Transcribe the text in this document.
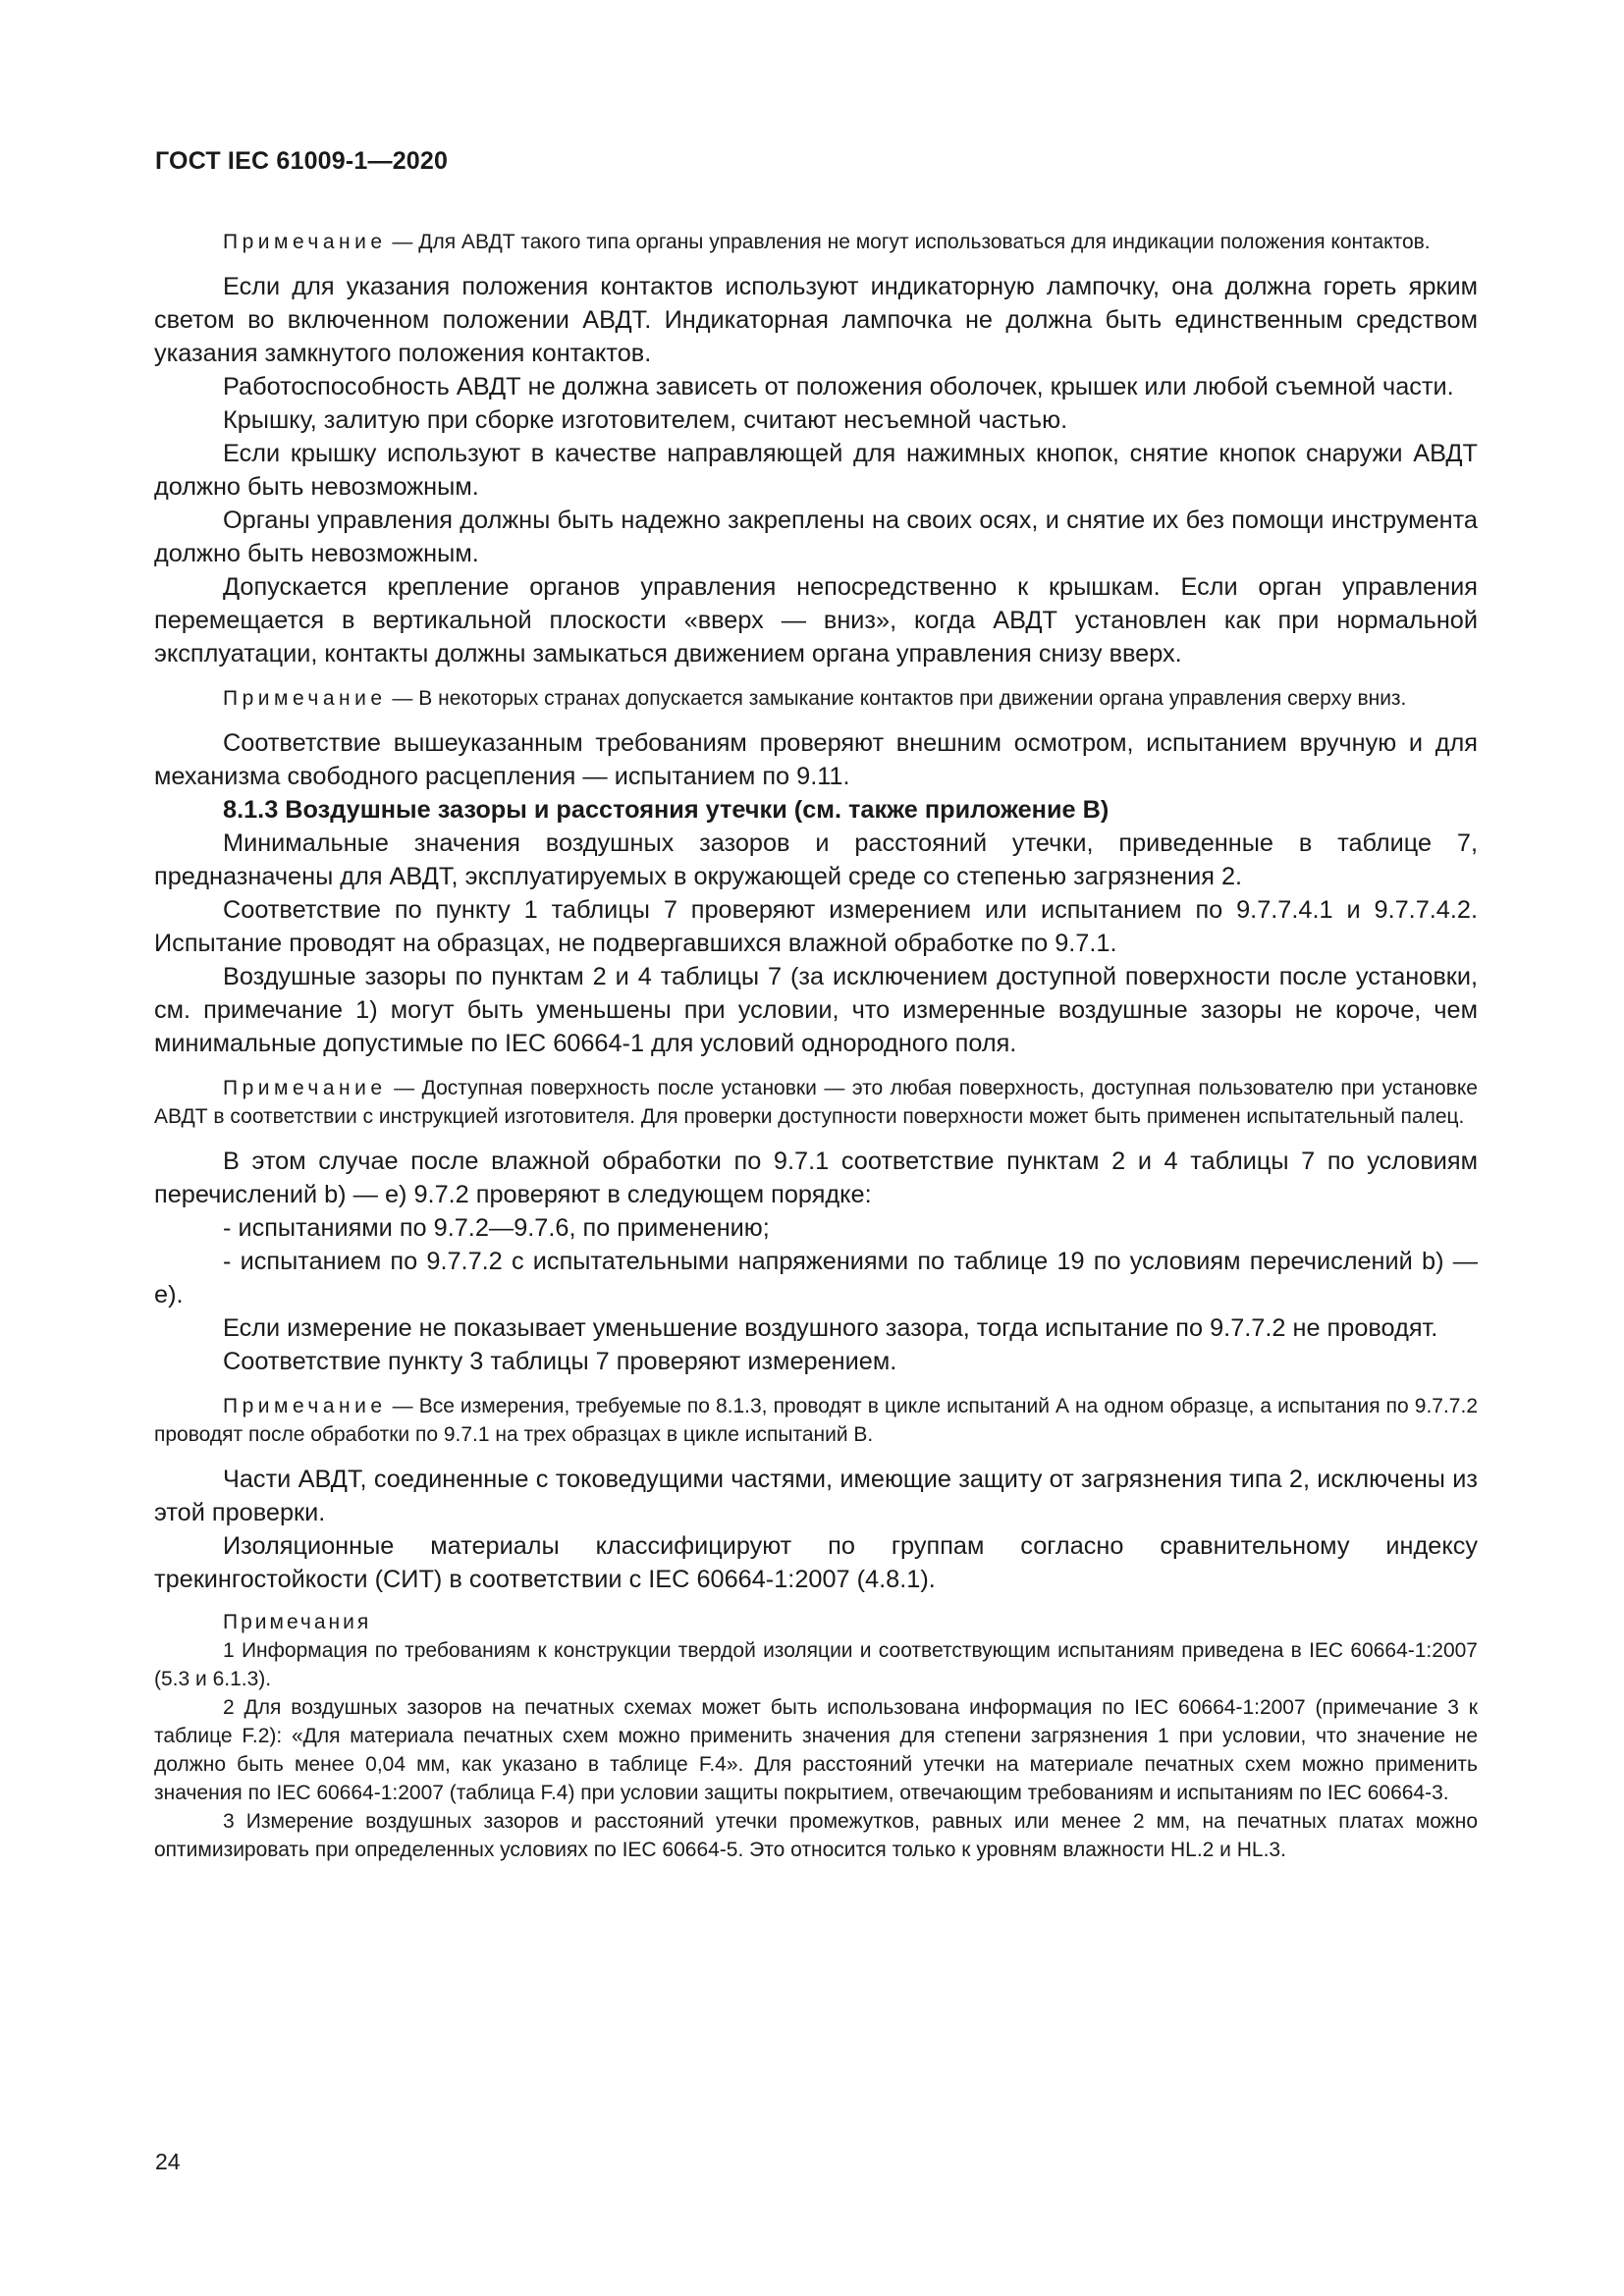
ГОСТ IEC 61009-1—2020

Примечание — Для АВДТ такого типа органы управления не могут использоваться для индикации положения контактов.

Если для указания положения контактов используют индикаторную лампочку, она должна гореть ярким светом во включенном положении АВДТ. Индикаторная лампочка не должна быть единственным средством указания замкнутого положения контактов.

Работоспособность АВДТ не должна зависеть от положения оболочек, крышек или любой съемной части.

Крышку, залитую при сборке изготовителем, считают несъемной частью.

Если крышку используют в качестве направляющей для нажимных кнопок, снятие кнопок снаружи АВДТ должно быть невозможным.

Органы управления должны быть надежно закреплены на своих осях, и снятие их без помощи инструмента должно быть невозможным.

Допускается крепление органов управления непосредственно к крышкам. Если орган управления перемещается в вертикальной плоскости «вверх — вниз», когда АВДТ установлен как при нормальной эксплуатации, контакты должны замыкаться движением органа управления снизу вверх.

Примечание — В некоторых странах допускается замыкание контактов при движении органа управления сверху вниз.

Соответствие вышеуказанным требованиям проверяют внешним осмотром, испытанием вручную и для механизма свободного расцепления — испытанием по 9.11.

8.1.3 Воздушные зазоры и расстояния утечки (см. также приложение В)

Минимальные значения воздушных зазоров и расстояний утечки, приведенные в таблице 7, предназначены для АВДТ, эксплуатируемых в окружающей среде со степенью загрязнения 2.

Соответствие по пункту 1 таблицы 7 проверяют измерением или испытанием по 9.7.7.4.1 и 9.7.7.4.2. Испытание проводят на образцах, не подвергавшихся влажной обработке по 9.7.1.

Воздушные зазоры по пунктам 2 и 4 таблицы 7 (за исключением доступной поверхности после установки, см. примечание 1) могут быть уменьшены при условии, что измеренные воздушные зазоры не короче, чем минимальные допустимые по IEC 60664-1 для условий однородного поля.

Примечание — Доступная поверхность после установки — это любая поверхность, доступная пользователю при установке АВДТ в соответствии с инструкцией изготовителя. Для проверки доступности поверхности может быть применен испытательный палец.

В этом случае после влажной обработки по 9.7.1 соответствие пунктам 2 и 4 таблицы 7 по условиям перечислений b) — е) 9.7.2 проверяют в следующем порядке:

- испытаниями по 9.7.2—9.7.6, по применению;

- испытанием по 9.7.7.2 с испытательными напряжениями по таблице 19 по условиям перечислений b) — е).

Если измерение не показывает уменьшение воздушного зазора, тогда испытание по 9.7.7.2 не проводят.

Соответствие пункту 3 таблицы 7 проверяют измерением.

Примечание — Все измерения, требуемые по 8.1.3, проводят в цикле испытаний А на одном образце, а испытания по 9.7.7.2 проводят после обработки по 9.7.1 на трех образцах в цикле испытаний В.

Части АВДТ, соединенные с токоведущими частями, имеющие защиту от загрязнения типа 2, исключены из этой проверки.

Изоляционные материалы классифицируют по группам согласно сравнительному индексу трекингостойкости (СИТ) в соответствии с IEC 60664-1:2007 (4.8.1).

Примечания

1 Информация по требованиям к конструкции твердой изоляции и соответствующим испытаниям приведена в IEC 60664-1:2007 (5.3 и 6.1.3).

2 Для воздушных зазоров на печатных схемах может быть использована информация по IEC 60664-1:2007 (примечание 3 к таблице F.2): «Для материала печатных схем можно применить значения для степени загрязнения 1 при условии, что значение не должно быть менее 0,04 мм, как указано в таблице F.4». Для расстояний утечки на материале печатных схем можно применить значения по IEC 60664-1:2007 (таблица F.4) при условии защиты покрытием, отвечающим требованиям и испытаниям по IEC 60664-3.

3 Измерение воздушных зазоров и расстояний утечки промежутков, равных или менее 2 мм, на печатных платах можно оптимизировать при определенных условиях по IEC 60664-5. Это относится только к уровням влажности HL.2 и HL.3.

24
